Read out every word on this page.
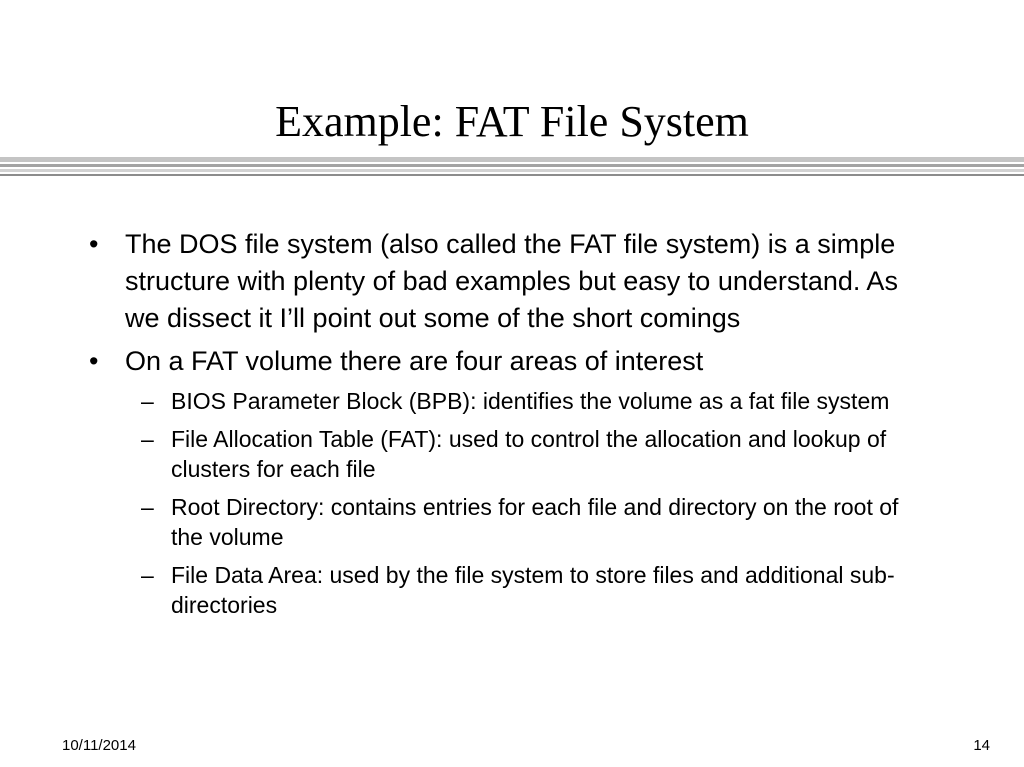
Example: FAT File System
• The DOS file system (also called the FAT file system) is a simple structure with plenty of bad examples but easy to understand. As we dissect it I’ll point out some of the short comings
• On a FAT volume there are four areas of interest
– BIOS Parameter Block (BPB): identifies the volume as a fat file system
– File Allocation Table (FAT): used to control the allocation and lookup of clusters for each file
– Root Directory: contains entries for each file and directory on the root of the volume
– File Data Area: used by the file system to store files and additional sub-directories
10/11/2014	14
